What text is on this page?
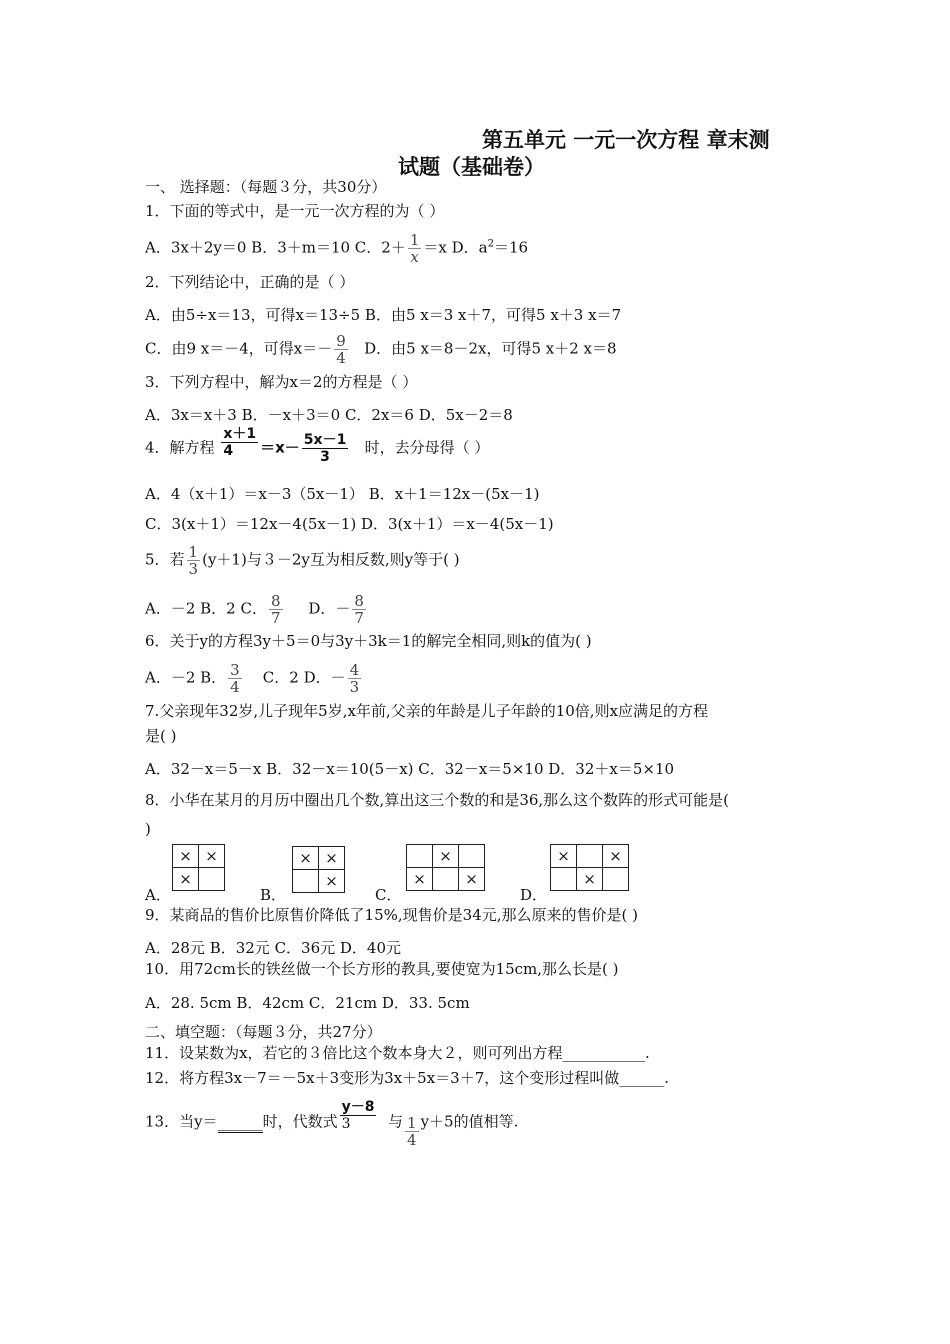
第五单元 一元一次方程 章末测
试题（基础卷）
一、 选择题：（每题３分，共30分）
1．下面的等式中，是一元一次方程的为（ ）
A．3x＋2y＝0 B．3＋m＝10 C．$2+ \frac{1}{x} =x$ D．$a^2=16$
2．下列结论中，正确的是（ ）
A．由5÷x＝13，可得x＝13÷5 B．由5 x＝3 x＋7，可得5 x＋3 x＝7
C．由9 x＝－4，可得$x=- \frac{9}{4}$ D．由5 x＝8－2x，可得5 x＋2 x＝8
3．下列方程中，解为x＝2的方程是（ ）
A．3x＝x＋3 B．－x＋3＝0 C．2x＝6 D．5x－2＝8
4．解方程 $\frac{x+1}{4} =x- \frac{5x-1}{3}$ 时，去分母得（ ）
A．4（x＋1）＝x－3（5x－1） B．x＋1＝12x－(5x－1)
C．3(x＋1）＝12x－4(5x－1) D．3(x＋1）＝x－4(5x－1)
5．若 $\frac{1}{3} (y+1)$与３－2y互为相反数,则y等于( )
A．－2 B．2 C． $\frac{8}{7}$ D．－ $\frac{8}{7}$
6．关于y的方程3y＋5＝0与3y＋3k＝1的解完全相同,则k的值为( )
A．－2 B． $\frac{3}{4}$ C．2 D．－ $\frac{4}{3}$
7.父亲现年32岁,儿子现年5岁,x年前,父亲的年龄是儿子年龄的10倍,则x应满足的方程
是( )
A．32－x＝5－x B．32－x＝10(5－x) C．32－x＝5×10 D．32＋x＝5×10
8．小华在某月的月历中圈出几个数,算出这三个数的和是36,那么这个数阵的形式可能是(
)
A．
×	×
×	
B．
×	×
	×
C．
	×	
×		×
D．
×		×
	×	
9．某商品的售价比原售价降低了15%,现售价是34元,那么原来的售价是( )
A．28元 B．32元 C．36元 D．40元
10．用72cm长的铁丝做一个长方形的教具,要使宽为15cm,那么长是( )
A．28. 5cm B．42cm C．21cm D．33. 5cm
二、填空题：（每题３分，共27分）
11．设某数为x，若它的３倍比这个数本身大２，则可列出方程___________.
12．将方程3x－7＝－5x＋3变形为3x＋5x＝3＋7，这个变形过程叫做______.
13．当y＝______时，代数式 $\frac{y-8}{3}$ 与 $\frac{1}{4} y+5$的值相等.
